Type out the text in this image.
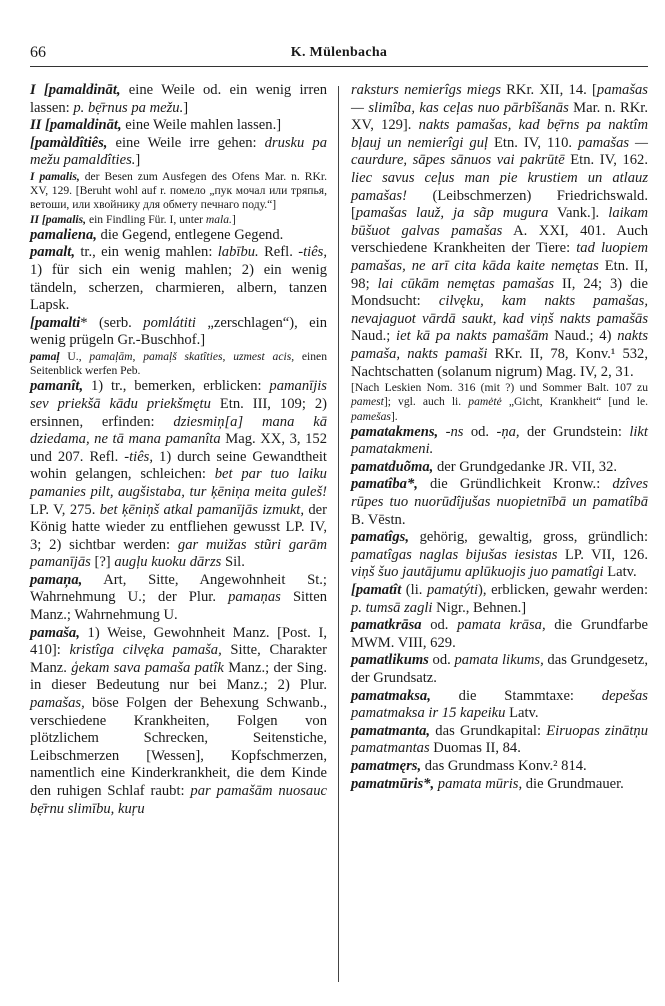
66	K. Mülenbacha

I [pamaldināt, eine Weile od. ein wenig irren lassen: p. bẹ̄rnus pa mežu.]

II [pamaldināt, eine Weile mahlen lassen.]

[pamàldîtiês, eine Weile irre gehen: drusku pa mežu pamaldîties.]

I pamalis, der Besen zum Ausfegen des Ofens Mar. n. RKr. XV, 129. [Beruht wohl auf r. помело „пук мочал или тряпья, ветоши, или хвойнику для обмету печнаго поду.“]

II [pamalis, ein Findling Für. I, unter mala.]

pamaliena, die Gegend, entlegene Gegend.

pamalt, tr., ein wenig mahlen: labību. Refl. -tiês, 1) für sich ein wenig mahlen; 2) ein wenig tändeln, scherzen, charmieren, albern, tanzen Lapsk.

[pamalti* (serb. pomlátiti „zerschlagen“), ein wenig prügeln Gr.-Buschhof.]

pamaļ U., pamaļām, pamaļš skatîties, uzmest acis, einen Seitenblick werfen Peb.

pamanît, 1) tr., bemerken, erblicken: pamanījis sev priekšā kādu priekšmętu Etn. III, 109; 2) ersinnen, erfinden: dziesmiņ[a] mana kā dziedama, ne tā mana pamanîta Mag. XX, 3, 152 und 207. Refl. -tiês, 1) durch seine Gewandtheit wohin gelangen, schleichen: bet par tuo laiku pamanies pilt, augšistaba, tur ķēniņa meita guleš! LP. V, 275. bet ķēniņš atkal pamanījās izmukt, der König hatte wieder zu entfliehen gewusst LP. IV, 3; 2) sichtbar werden: gar muižas stũri garām pamanījās [?] augļu kuoku dārzs Sil.

pamaņa, Art, Sitte, Angewohnheit St.; Wahrnehmung U.; der Plur. pamaņas Sitten Manz.; Wahrnehmung U.

pamaša, 1) Weise, Gewohnheit Manz. [Post. I, 410]: kristîga cilvęka pamaša, Sitte, Charakter Manz. ģekam sava pamaša patîk Manz.; der Sing. in dieser Bedeutung nur bei Manz.; 2) Plur. pamašas, böse Folgen der Behexung Schwanb., verschiedene Krankheiten, Folgen von plötzlichem Schrecken, Seitenstiche, Leibschmerzen [Wessen], Kopfschmerzen, namentlich eine Kinderkrankheit, die dem Kinde den ruhigen Schlaf raubt: par pamašām nuosauc bẹ̄rnu slimību, kuŗu

raksturs nemierîgs miegs RKr. XII, 14. [pamašas — slimîba, kas ceļas nuo pārbîšanās Mar. n. RKr. XV, 129]. nakts pamašas, kad bẹ̄rns pa naktîm bļauj un nemierîgi guļ Etn. IV, 110. pamašas — caurdure, sāpes sānuos vai pakrūtē Etn. IV, 162. liec savus ceļus man pie krustiem un atlauz pamašas! (Leibschmerzen) Friedrichswald. [pamašas lauž, ja sãp mugura Vank.]. laikam būšuot galvas pamašas A. XXI, 401. Auch verschiedene Krankheiten der Tiere: tad luopiem pamašas, ne arī cita kāda kaite nemętas Etn. II, 98; lai cūkām nemętas pamašas II, 24; 3) die Mondsucht: cilvęku, kam nakts pamašas, nevajaguot vārdā saukt, kad viņš nakts pamašās Naud.; iet kā pa nakts pamašām Naud.; 4) nakts pamaša, nakts pamaši RKr. II, 78, Konv.¹ 532, Nachtschatten (solanum nigrum) Mag. IV, 2, 31.

[Nach Leskien Nom. 316 (mit ?) und Sommer Balt. 107 zu pamest]; vgl. auch li. pamėtė „Gicht, Krankheit“ [und le. pamešas].

pamatakmens, -ns od. -ņa, der Grundstein: likt pamatakmeni.

pamatduõma, der Grundgedanke JR. VII, 32.

pamatîba*, die Gründlichkeit Kronw.: dzîves rūpes tuo nuorūdîjušas nuopietnībā un pamatîbā B. Vēstn.

pamatîgs, gehörig, gewaltig, gross, gründlich: pamatîgas naglas bijušas iesistas LP. VII, 126. viņš šuo jautājumu aplūkuojis juo pamatîgi Latv.

[pamatît (li. pamatýti), erblicken, gewahr werden: p. tumsā zagli Nigr., Behnen.]

pamatkrāsa od. pamata krāsa, die Grundfarbe MWM. VIII, 629.

pamatlikums od. pamata likums, das Grundgesetz, der Grundsatz.

pamatmaksa, die Stammtaxe: depešas pamatmaksa ir 15 kapeiku Latv.

pamatmanta, das Grundkapital: Eiruopas zinātņu pamatmantas Duomas II, 84.

pamatmęrs, das Grundmass Konv.² 814.

pamatmūris*, pamata mūris, die Grundmauer.
